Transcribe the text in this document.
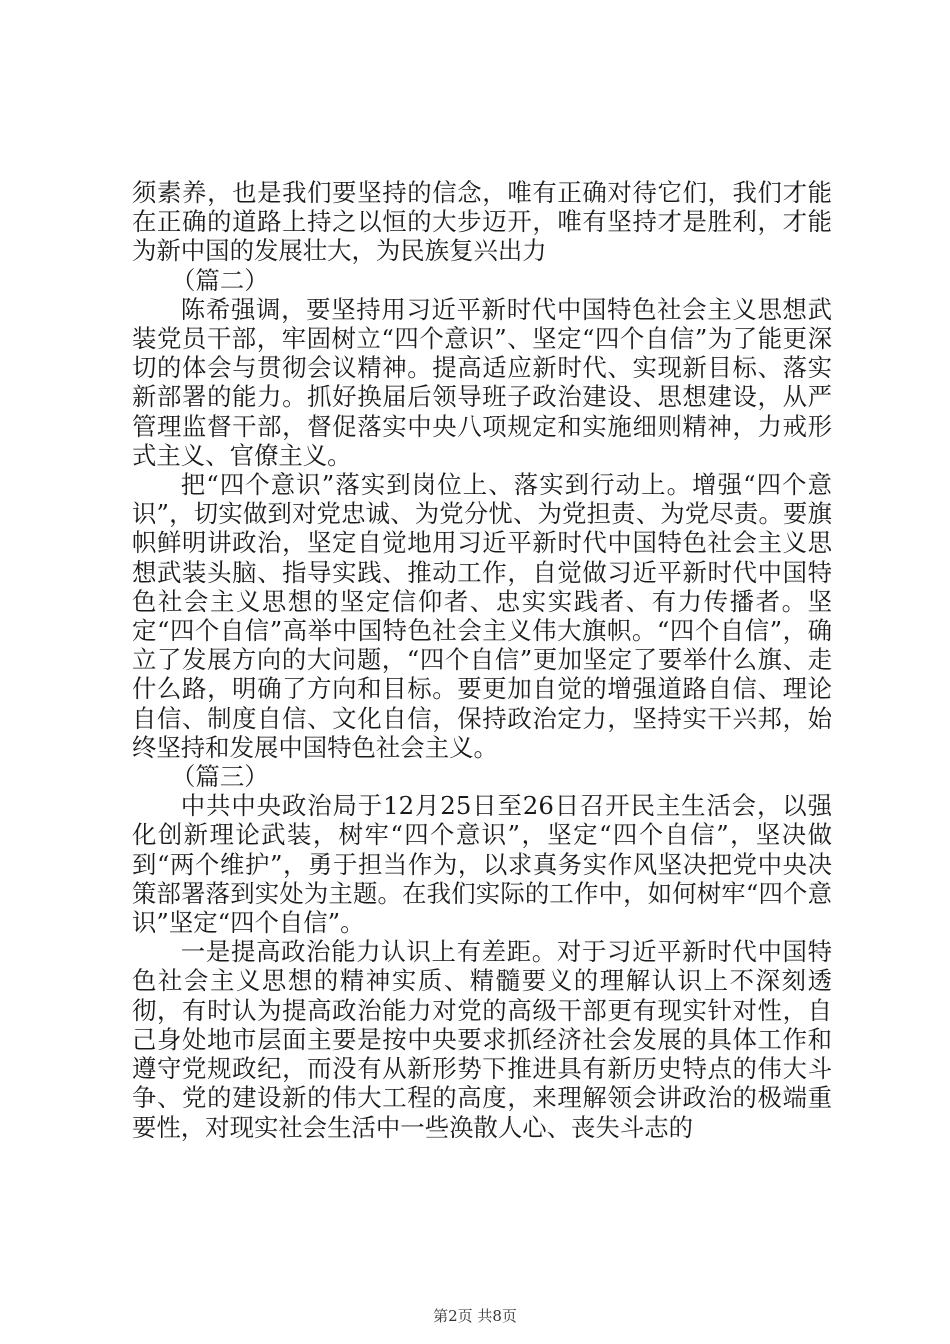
须素养，也是我们要坚持的信念，唯有正确对待它们，我们才能在正确的道路上持之以恒的大步迈开，唯有坚持才是胜利，才能为新中国的发展壮大，为民族复兴出力

（篇二）

陈希强调，要坚持用习近平新时代中国特色社会主义思想武装党员干部，牢固树立“四个意识”、坚定“四个自信”为了能更深切的体会与贯彻会议精神。提高适应新时代、实现新目标、落实新部署的能力。抓好换届后领导班子政治建设、思想建设，从严管理监督干部，督促落实中央八项规定和实施细则精神，力戒形式主义、官僚主义。

把“四个意识”落实到岗位上、落实到行动上。增强“四个意识”，切实做到对党忠诚、为党分忧、为党担责、为党尽责。要旗帜鲜明讲政治，坚定自觉地用习近平新时代中国特色社会主义思想武装头脑、指导实践、推动工作，自觉做习近平新时代中国特色社会主义思想的坚定信仰者、忠实实践者、有力传播者。坚定“四个自信”高举中国特色社会主义伟大旗帜。“四个自信”，确立了发展方向的大问题，“四个自信”更加坚定了要举什么旗、走什么路，明确了方向和目标。要更加自觉的增强道路自信、理论自信、制度自信、文化自信，保持政治定力，坚持实干兴邦，始终坚持和发展中国特色社会主义。

（篇三）

中共中央政治局于12月25日至26日召开民主生活会，以强化创新理论武装，树牢“四个意识”，坚定“四个自信”，坚决做到“两个维护”，勇于担当作为，以求真务实作风坚决把党中央决策部署落到实处为主题。在我们实际的工作中，如何树牢“四个意识”坚定“四个自信”。

一是提高政治能力认识上有差距。对于习近平新时代中国特色社会主义思想的精神实质、精髓要义的理解认识上不深刻透彻，有时认为提高政治能力对党的高级干部更有现实针对性，自己身处地市层面主要是按中央要求抓经济社会发展的具体工作和遵守党规政纪，而没有从新形势下推进具有新历史特点的伟大斗争、党的建设新的伟大工程的高度，来理解领会讲政治的极端重要性，对现实社会生活中一些涣散人心、丧失斗志的

第2页 共8页
